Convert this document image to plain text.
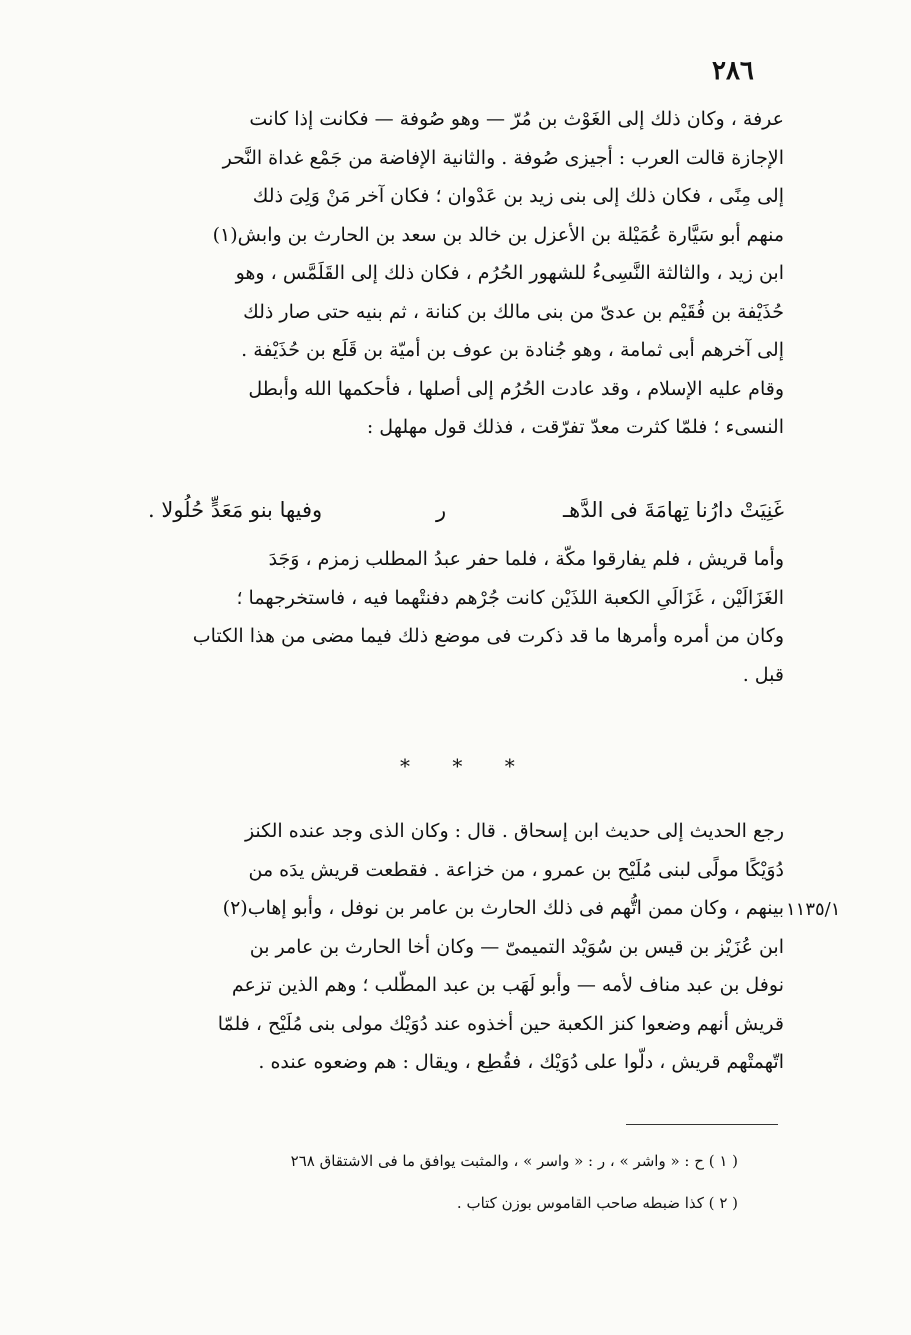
٢٨٦
عرفة ، وكان ذلك إلى الغَوْث بن مُرّ — وهو صُوفة — فكانت إذا كانت
الإجازة قالت العرب : أجيزى صُوفة . والثانية الإفاضة من جَمْع غداة النَّحر
إلى مِنًى ، فكان ذلك إلى بنى زيد بن عَدْوان ؛ فكان آخر مَنْ وَلِىَ ذلك
منهم أبو سَيَّارة عُمَيْلة بن الأعزل بن خالد بن سعد بن الحارث بن وابش(١)
ابن زيد ، والثالثة النَّسِىءُ للشهور الحُرُم ، فكان ذلك إلى القَلَمَّس ، وهو
حُذَيْفة بن فُقَيْم بن عدىّ من بنى مالك بن كنانة ، ثم بنيه حتى صار ذلك
إلى آخرهم أبى ثمامة ، وهو جُنادة بن عوف بن أميّة بن قَلَع بن حُذَيْفة .
وقام عليه الإسلام ، وقد عادت الحُرُم إلى أصلها ، فأحكمها الله وأبطل
النسىء ؛ فلمّا كثرت معدّ تفرّقت ، فذلك قول مهلهل :
غَنِيَتْ دارُنا تِهامَةَ فى الدَّهـ
ر
وفيها بنو مَعَدٍّ حُلُولا .
وأما قريش ، فلم يفارقوا مكّة ، فلما حفر عبدُ المطلب زمزم ، وَجَدَ
الغَزَالَيْن ، غَزَالَىِ الكعبة اللذَيْن كانت جُرْهم دفنتْهما فيه ، فاستخرجهما ؛
وكان من أمره وأمرها ما قد ذكرت فى موضع ذلك فيما مضى من هذا الكتاب
قبل .
* * *
رجع الحديث إلى حديث ابن إسحاق . قال : وكان الذى وجد عنده الكنز
دُوَيْكًا مولًى لبنى مُلَيْح بن عمرو ، من خزاعة . فقطعت قريش يدَه من
بينهم ، وكان ممن اتُّهم فى ذلك الحارث بن عامر بن نوفل ، وأبو إهاب(٢)
ابن عُزَيْز بن قيس بن سُوَيْد التميمىّ — وكان أخا الحارث بن عامر بن
نوفل بن عبد مناف لأمه — وأبو لَهَب بن عبد المطّلب ؛ وهم الذين تزعم
قريش أنهم وضعوا كنز الكعبة حين أخذوه عند دُوَيْك مولى بنى مُلَيْح ، فلمّا
اتّهمتْهم قريش ، دلّوا على دُوَيْك ، فقُطِع ، ويقال : هم وضعوه عنده .
١١٣٥/١
( ١ ) ح : « واشر » ، ر : « واسر » ، والمثبت يوافق ما فى الاشتقاق ٢٦٨
( ٢ ) كذا ضبطه صاحب القاموس بوزن كتاب .
